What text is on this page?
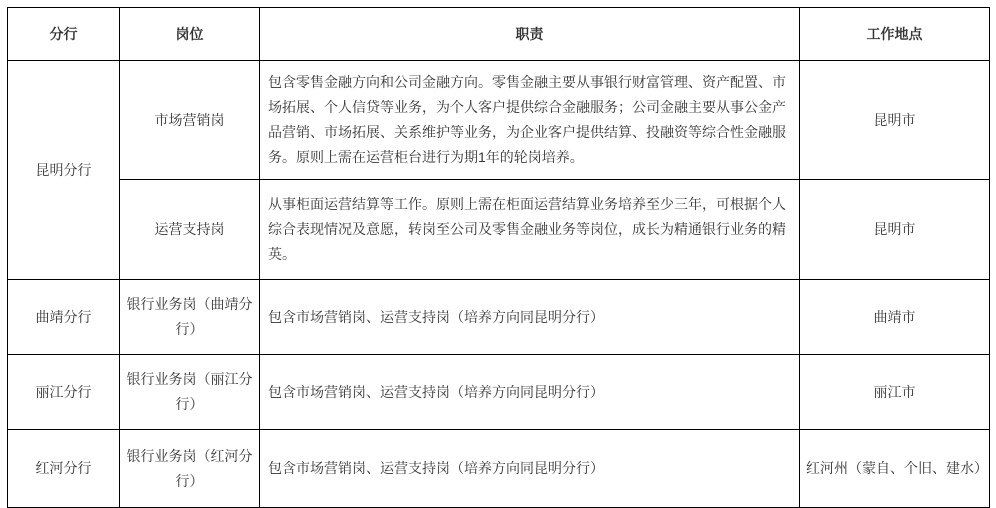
分行	岗位	职责	工作地点
昆明分行	市场营销岗	包含零售金融方向和公司金融方向。零售金融主要从事银行财富管理、资产配置、市场拓展、个人信贷等业务，为个人客户提供综合金融服务；公司金融主要从事公金产品营销、市场拓展、关系维护等业务，为企业客户提供结算、投融资等综合性金融服务。原则上需在运营柜台进行为期1年的轮岗培养。	昆明市
	运营支持岗	从事柜面运营结算等工作。原则上需在柜面运营结算业务培养至少三年，可根据个人综合表现情况及意愿，转岗至公司及零售金融业务等岗位，成长为精通银行业务的精英。	昆明市
曲靖分行	银行业务岗（曲靖分行）	包含市场营销岗、运营支持岗（培养方向同昆明分行）	曲靖市
丽江分行	银行业务岗（丽江分行）	包含市场营销岗、运营支持岗（培养方向同昆明分行）	丽江市
红河分行	银行业务岗（红河分行）	包含市场营销岗、运营支持岗（培养方向同昆明分行）	红河州（蒙自、个旧、建水）
